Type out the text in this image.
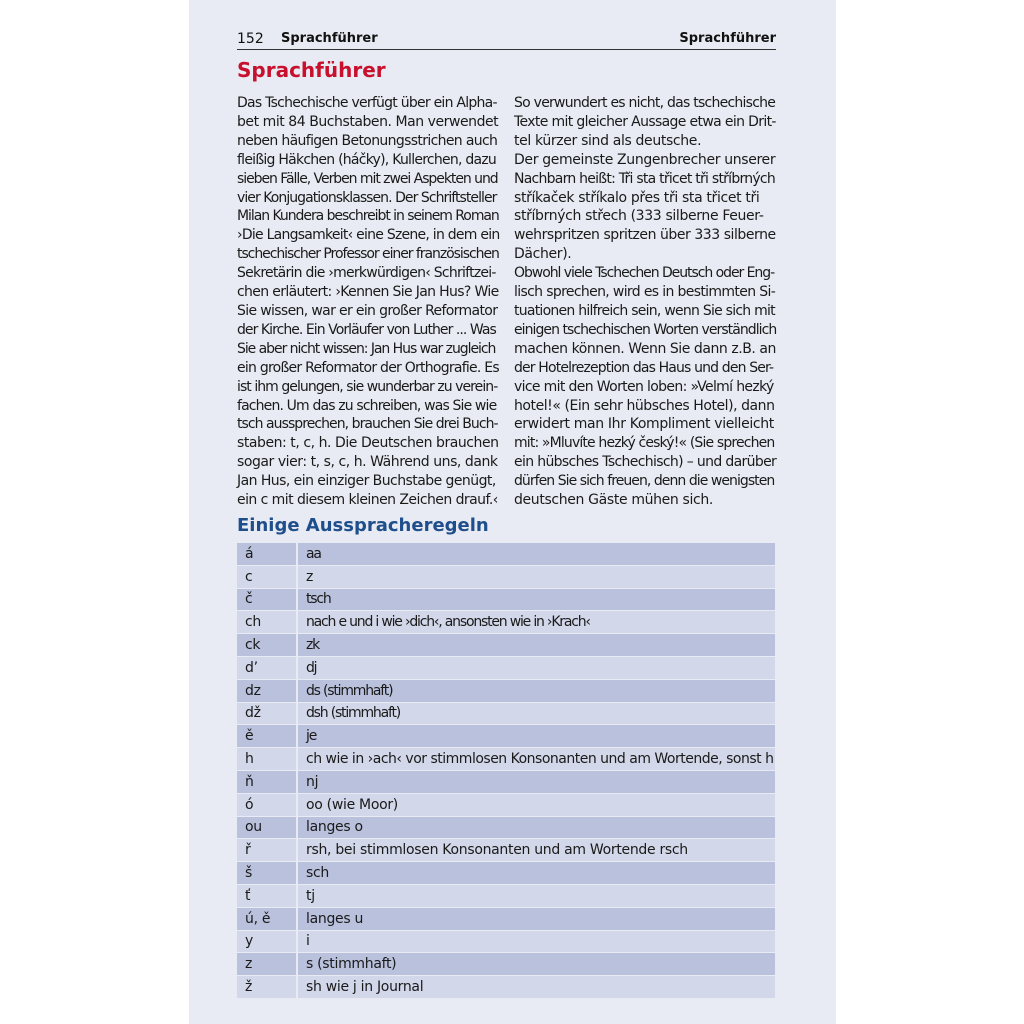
152 Sprachführer	Sprachführer
Sprachführer

Das Tschechische verfügt über ein Alpha-

bet mit 84 Buchstaben. Man verwendet

neben häufigen Betonungsstrichen auch

fleißig Häkchen (háčky), Kullerchen, dazu

sieben Fälle, Verben mit zwei Aspekten und

vier Konjugationsklassen. Der Schriftsteller

Milan Kundera beschreibt in seinem Roman

›Die Langsamkeit‹ eine Szene, in dem ein

tschechischer Professor einer französischen

Sekretärin die ›merkwürdigen‹ Schriftzei-

chen erläutert: ›Kennen Sie Jan Hus? Wie

Sie wissen, war er ein großer Reformator

der Kirche. Ein Vorläufer von Luther ... Was

Sie aber nicht wissen: Jan Hus war zugleich

ein großer Reformator der Orthografie. Es

ist ihm gelungen, sie wunderbar zu verein-

fachen. Um das zu schreiben, was Sie wie

tsch aussprechen, brauchen Sie drei Buch-

staben: t, c, h. Die Deutschen brauchen

sogar vier: t, s, c, h. Während uns, dank

Jan Hus, ein einziger Buchstabe genügt,

ein c mit diesem kleinen Zeichen drauf.‹

So verwundert es nicht, das tschechische

Texte mit gleicher Aussage etwa ein Drit-

tel kürzer sind als deutsche.

Der gemeinste Zungenbrecher unserer

Nachbarn heißt: Tři sta třicet tři stříbrných

stříkaček stříkalo přes tři sta třicet tři

stříbrných střech (333 silberne Feuer-

wehrspritzen spritzen über 333 silberne

Dächer).

Obwohl viele Tschechen Deutsch oder Eng-

lisch sprechen, wird es in bestimmten Si-

tuationen hilfreich sein, wenn Sie sich mit

einigen tschechischen Worten verständlich

machen können. Wenn Sie dann z.B. an

der Hotelrezeption das Haus und den Ser-

vice mit den Worten loben: »Velmí hezký

hotel!« (Ein sehr hübsches Hotel), dann

erwidert man Ihr Kompliment vielleicht

mit: »Mluvíte hezký český!« (Sie sprechen

ein hübsches Tschechisch) – und darüber

dürfen Sie sich freuen, denn die wenigsten

deutschen Gäste mühen sich.

Einige Ausspracheregeln
á	aa
c	z
č	tsch
ch	nach e und i wie ›dich‹, ansonsten wie in ›Krach‹
ck	zk
d’	dj
dz	ds (stimmhaft)
dž	dsh (stimmhaft)
ě	je
h	ch wie in ›ach‹ vor stimmlosen Konsonanten und am Wortende, sonst h
ň	nj
ó	oo (wie Moor)
ou	langes o
ř	rsh, bei stimmlosen Konsonanten und am Wortende rsch
š	sch
ť	tj
ú, ě	langes u
y	i
z	s (stimmhaft)
ž	sh wie j in Journal
